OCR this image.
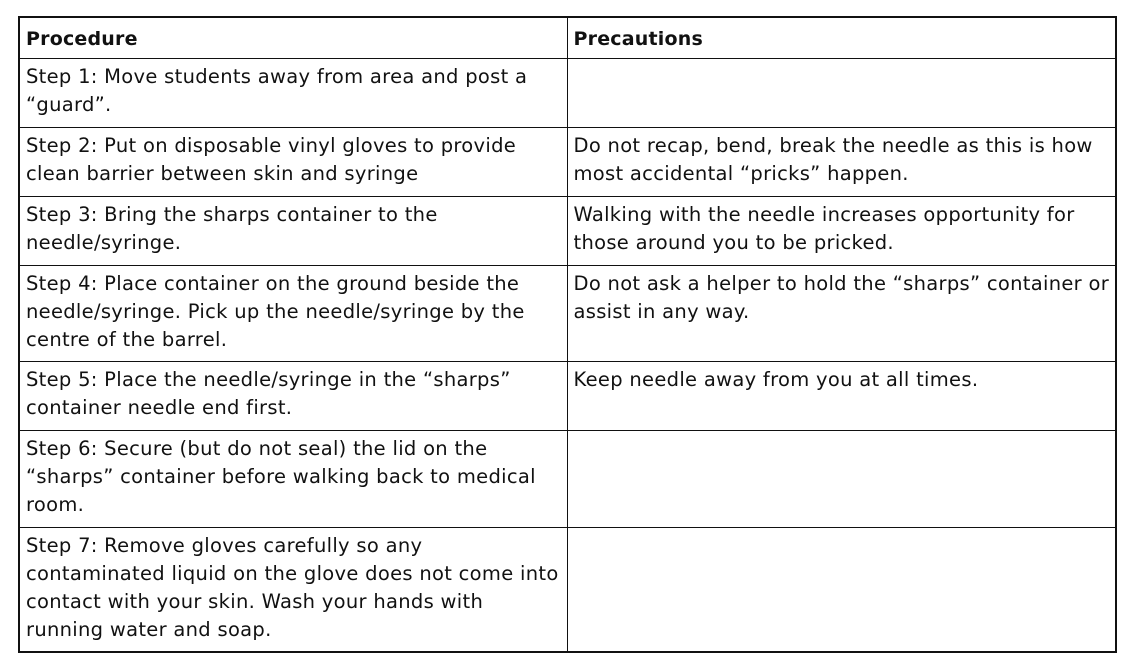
Procedure	Precautions

Step 1: Move students away from area and post a “guard”.	

Step 2: Put on disposable vinyl gloves to provide clean barrier between skin and syringe	Do not recap, bend, break the needle as this is how most accidental “pricks” happen.

Step 3: Bring the sharps container to the needle/syringe.	Walking with the needle increases opportunity for those around you to be pricked.

Step 4: Place container on the ground beside the needle/syringe. Pick up the needle/syringe by the centre of the barrel.	Do not ask a helper to hold the “sharps” container or assist in any way.

Step 5: Place the needle/syringe in the “sharps” container needle end first.	Keep needle away from you at all times.

Step 6: Secure (but do not seal) the lid on the “sharps” container before walking back to medical room.	

Step 7: Remove gloves carefully so any contaminated liquid on the glove does not come into contact with your skin. Wash your hands with running water and soap.	
